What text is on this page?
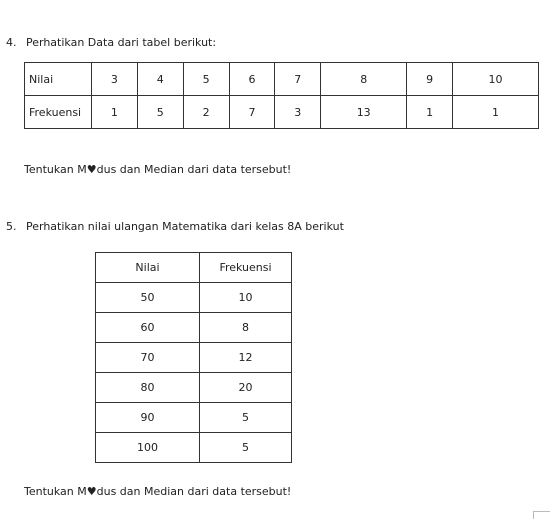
4. Perhatikan Data dari tabel berikut:
Nilai	3	4	5	6	7	8	9	10
Frekuensi	1	5	2	7	3	13	1	1
Tentukan M♥dus dan Median dari data tersebut!
5. Perhatikan nilai ulangan Matematika dari kelas 8A berikut
Nilai	Frekuensi
50	10
60	8
70	12
80	20
90	5
100	5
Tentukan M♥dus dan Median dari data tersebut!
